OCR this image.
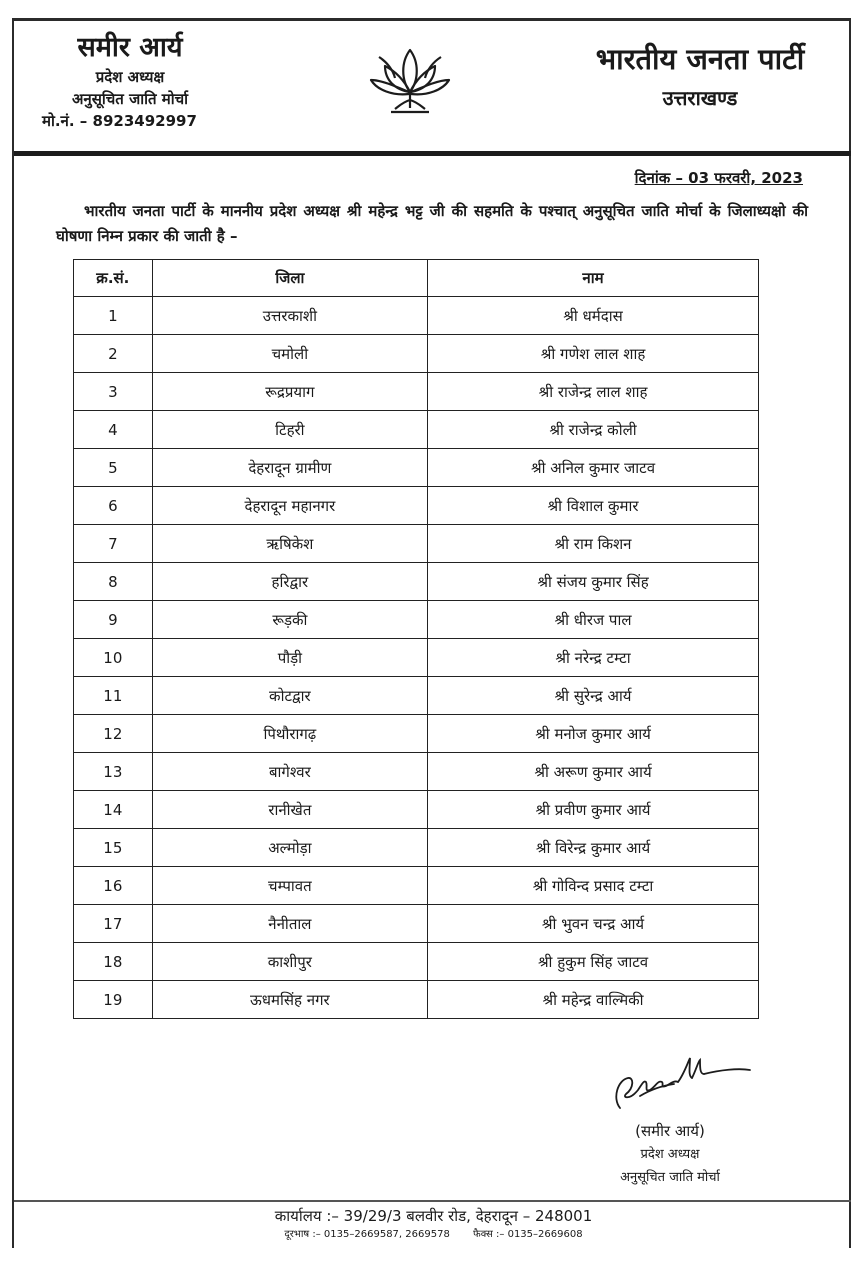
समीर आर्य
प्रदेश अध्यक्ष
अनुसूचित जाति मोर्चा
मो.नं. – 8923492997
भारतीय जनता पार्टी
उत्तराखण्ड
दिनांक – 03 फरवरी, 2023
भारतीय जनता पार्टी के माननीय प्रदेश अध्यक्ष श्री महेन्द्र भट्ट जी की सहमति के पश्चात् अनुसूचित जाति मोर्चा के जिलाध्यक्षो की घोषणा निम्न प्रकार की जाती है –
क्र.सं.	जिला	नाम
1	उत्तरकाशी	श्री धर्मदास
2	चमोली	श्री गणेश लाल शाह
3	रूद्रप्रयाग	श्री राजेन्द्र लाल शाह
4	टिहरी	श्री राजेन्द्र कोली
5	देहरादून ग्रामीण	श्री अनिल कुमार जाटव
6	देहरादून महानगर	श्री विशाल कुमार
7	ऋषिकेश	श्री राम किशन
8	हरिद्वार	श्री संजय कुमार सिंह
9	रूड़की	श्री धीरज पाल
10	पौड़ी	श्री नरेन्द्र टम्टा
11	कोटद्वार	श्री सुरेन्द्र आर्य
12	पिथौरागढ़	श्री मनोज कुमार आर्य
13	बागेश्वर	श्री अरूण कुमार आर्य
14	रानीखेत	श्री प्रवीण कुमार आर्य
15	अल्मोड़ा	श्री विरेन्द्र कुमार आर्य
16	चम्पावत	श्री गोविन्द प्रसाद टम्टा
17	नैनीताल	श्री भुवन चन्द्र आर्य
18	काशीपुर	श्री हुकुम सिंह जाटव
19	ऊधमसिंह नगर	श्री महेन्द्र वाल्मिकी
(समीर आर्य)
प्रदेश अध्यक्ष
अनुसूचित जाति मोर्चा
कार्यालय :– 39/29/3 बलवीर रोड, देहरादून – 248001
दूरभाष :– 0135–2669587, 2669578 फैक्स :– 0135–2669608
